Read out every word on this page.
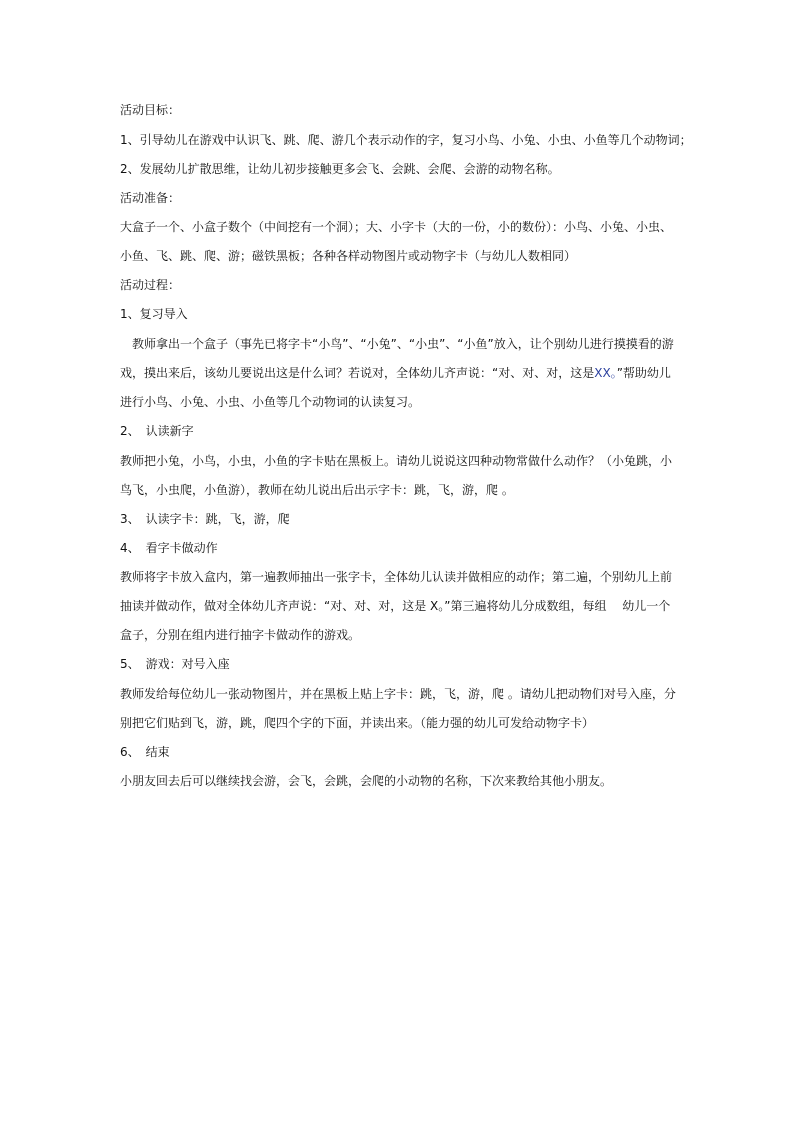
活动目标：
1、引导幼儿在游戏中认识飞、跳、爬、游几个表示动作的字，复习小鸟、小兔、小虫、小鱼等几个动物词；
2、发展幼儿扩散思维，让幼儿初步接触更多会飞、会跳、会爬、会游的动物名称。
活动准备：
大盒子一个、小盒子数个（中间挖有一个洞）；大、小字卡（大的一份，小的数份）：小鸟、小兔、小虫、
小鱼、飞、跳、爬、游；磁铁黑板；各种各样动物图片或动物字卡（与幼儿人数相同）
活动过程：
1、复习导入
　教师拿出一个盒子（事先已将字卡“小鸟”、“小兔”、“小虫”、“小鱼”放入，让个别幼儿进行摸摸看的游
戏，摸出来后，该幼儿要说出这是什么词？若说对，全体幼儿齐声说：“对、对、对，这是XX。”帮助幼儿
进行小鸟、小兔、小虫、小鱼等几个动物词的认读复习。
2、　认读新字
教师把小兔，小鸟，小虫，小鱼的字卡贴在黑板上。请幼儿说说这四种动物常做什么动作？（小兔跳，小
鸟飞，小虫爬，小鱼游），教师在幼儿说出后出示字卡：跳，飞，游，爬 。
3、　认读字卡：跳，飞，游，爬
4、　看字卡做动作
教师将字卡放入盒内，第一遍教师抽出一张字卡，全体幼儿认读并做相应的动作；第二遍，个别幼儿上前
抽读并做动作，做对全体幼儿齐声说：“对、对、对，这是 X。”第三遍将幼儿分成数组，每组　 幼儿一个
盒子，分别在组内进行抽字卡做动作的游戏。
5、　游戏：对号入座
教师发给每位幼儿一张动物图片，并在黑板上贴上字卡：跳，飞，游，爬 。请幼儿把动物们对号入座，分
别把它们贴到飞，游，跳，爬四个字的下面，并读出来。（能力强的幼儿可发给动物字卡）
6、　结束
小朋友回去后可以继续找会游，会飞，会跳，会爬的小动物的名称，下次来教给其他小朋友。
